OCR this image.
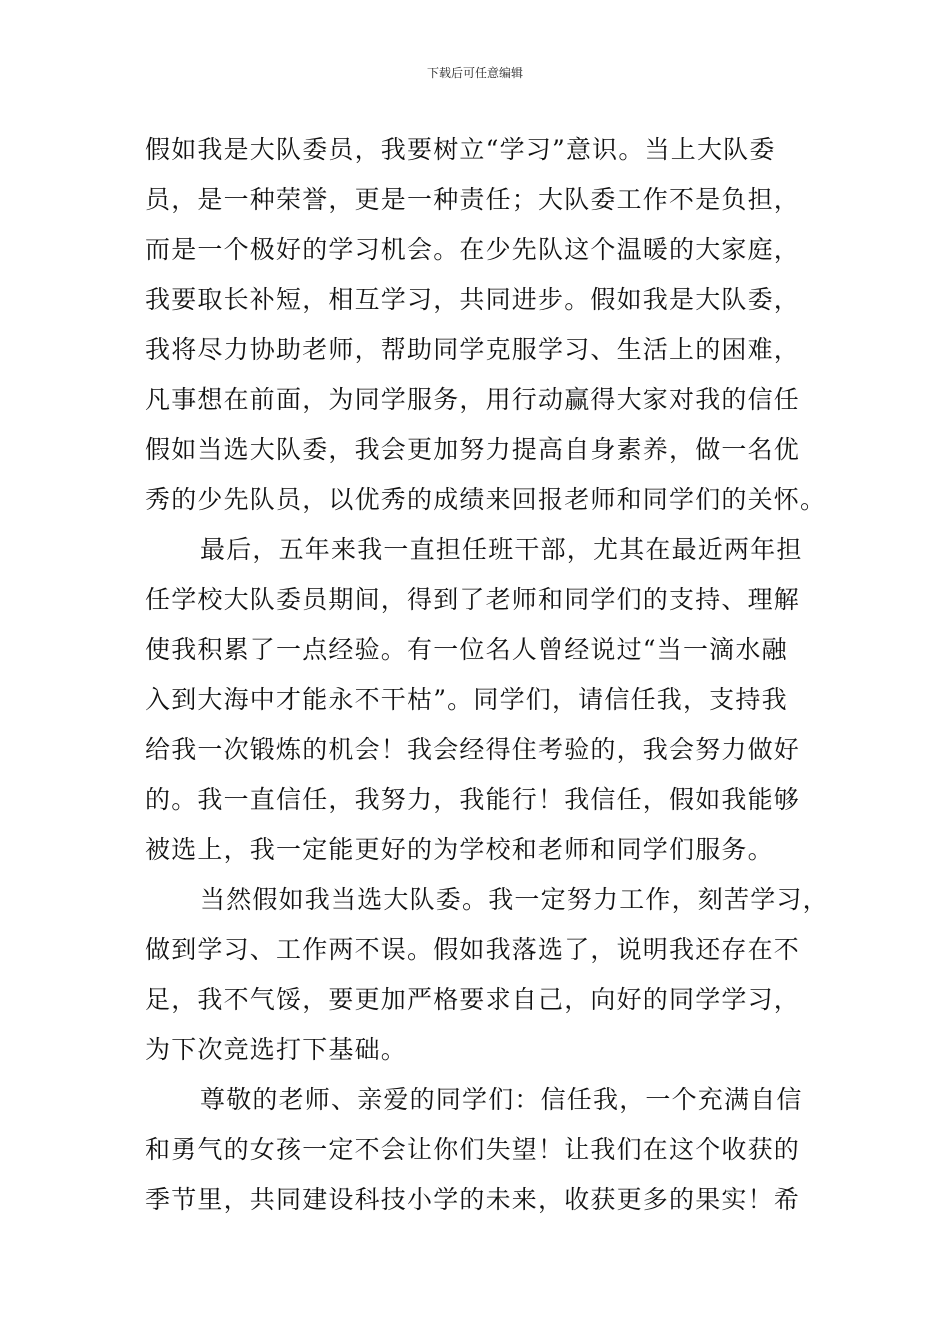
下载后可任意编辑
假如我是大队委员，我要树立“学习”意识。当上大队委
员，是一种荣誉，更是一种责任；大队委工作不是负担，
而是一个极好的学习机会。在少先队这个温暖的大家庭，
我要取长补短，相互学习，共同进步。假如我是大队委，
我将尽力协助老师，帮助同学克服学习、生活上的困难，
凡事想在前面，为同学服务，用行动赢得大家对我的信任
假如当选大队委，我会更加努力提高自身素养，做一名优
秀的少先队员，以优秀的成绩来回报老师和同学们的关怀。
最后，五年来我一直担任班干部，尤其在最近两年担
任学校大队委员期间，得到了老师和同学们的支持、理解
使我积累了一点经验。有一位名人曾经说过“当一滴水融
入到大海中才能永不干枯”。同学们，请信任我，支持我
给我一次锻炼的机会！我会经得住考验的，我会努力做好
的。我一直信任，我努力，我能行！我信任，假如我能够
被选上，我一定能更好的为学校和老师和同学们服务。
当然假如我当选大队委。我一定努力工作，刻苦学习，
做到学习、工作两不误。假如我落选了，说明我还存在不
足，我不气馁，要更加严格要求自己，向好的同学学习，
为下次竞选打下基础。
尊敬的老师、亲爱的同学们：信任我，一个充满自信
和勇气的女孩一定不会让你们失望！让我们在这个收获的
季节里，共同建设科技小学的未来，收获更多的果实！希
